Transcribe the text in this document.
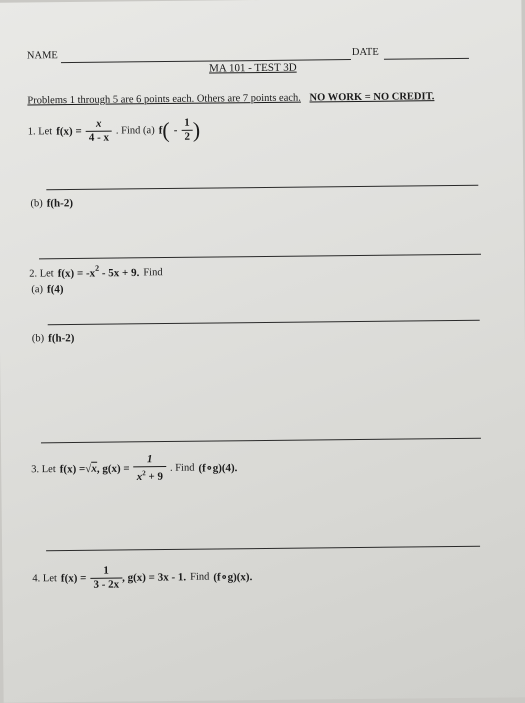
NAME	DATE
MA 101 - TEST 3D
Problems 1 through 5 are 6 points each. Others are 7 points each. NO WORK = NO CREDIT.
1. Let $f(x) = \frac{x}{4 - x}$ . Find (a) $f( - \frac{1}{2}$ )
(b) f(h-2)
2. Let $f(x) = -x^2 - 5x + 9$. Find
(a) f(4)
(b) f(h-2)
3. Let f(x) =√x, $g(x) = \frac{1}{x^2 + 9}$ . Find (f∘g)(4).
4. Let $f(x) = \frac{1}{3 - 2x}$ , g(x) = 3x - 1. Find (f∘g)(x).
